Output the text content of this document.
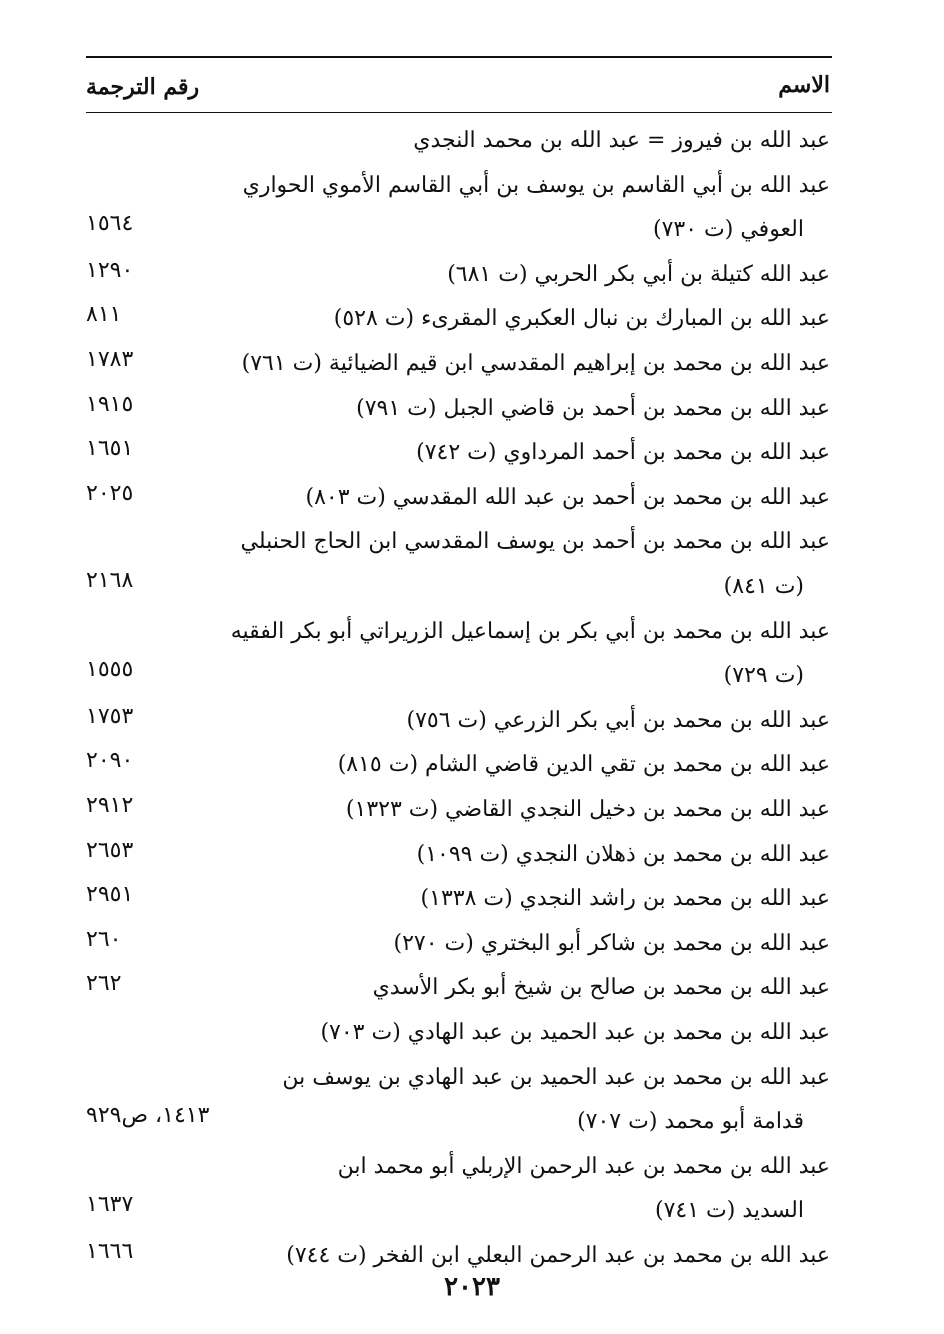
الاسم
رقم الترجمة
عبد الله بن فيروز = عبد الله بن محمد النجدي
عبد الله بن أبي القاسم بن يوسف بن أبي القاسم الأموي الحواري
العوفي (ت ٧٣٠)
١٥٦٤
عبد الله كتيلة بن أبي بكر الحربي (ت ٦٨١)
١٢٩٠
عبد الله بن المبارك بن نبال العكبري المقرىء (ت ٥٢٨)
٨١١
عبد الله بن محمد بن إبراهيم المقدسي ابن قيم الضيائية (ت ٧٦١)
١٧٨٣
عبد الله بن محمد بن أحمد بن قاضي الجبل (ت ٧٩١)
١٩١٥
عبد الله بن محمد بن أحمد المرداوي (ت ٧٤٢)
١٦٥١
عبد الله بن محمد بن أحمد بن عبد الله المقدسي (ت ٨٠٣)
٢٠٢٥
عبد الله بن محمد بن أحمد بن يوسف المقدسي ابن الحاج الحنبلي
(ت ٨٤١)
٢١٦٨
عبد الله بن محمد بن أبي بكر بن إسماعيل الزريراتي أبو بكر الفقيه
(ت ٧٢٩)
١٥٥٥
عبد الله بن محمد بن أبي بكر الزرعي (ت ٧٥٦)
١٧٥٣
عبد الله بن محمد بن تقي الدين قاضي الشام (ت ٨١٥)
٢٠٩٠
عبد الله بن محمد بن دخيل النجدي القاضي (ت ١٣٢٣)
٢٩١٢
عبد الله بن محمد بن ذهلان النجدي (ت ١٠٩٩)
٢٦٥٣
عبد الله بن محمد بن راشد النجدي (ت ١٣٣٨)
٢٩٥١
عبد الله بن محمد بن شاكر أبو البختري (ت ٢٧٠)
٢٦٠
عبد الله بن محمد بن صالح بن شيخ أبو بكر الأسدي
٢٦٢
عبد الله بن محمد بن عبد الحميد بن عبد الهادي (ت ٧٠٣)
عبد الله بن محمد بن عبد الحميد بن عبد الهادي بن يوسف بن
قدامة أبو محمد (ت ٧٠٧)
١٤١٣، ص٩٢٩
عبد الله بن محمد بن عبد الرحمن الإربلي أبو محمد ابن
السديد (ت ٧٤١)
١٦٣٧
عبد الله بن محمد بن عبد الرحمن البعلي ابن الفخر (ت ٧٤٤)
١٦٦٦
٢٠٢٣
